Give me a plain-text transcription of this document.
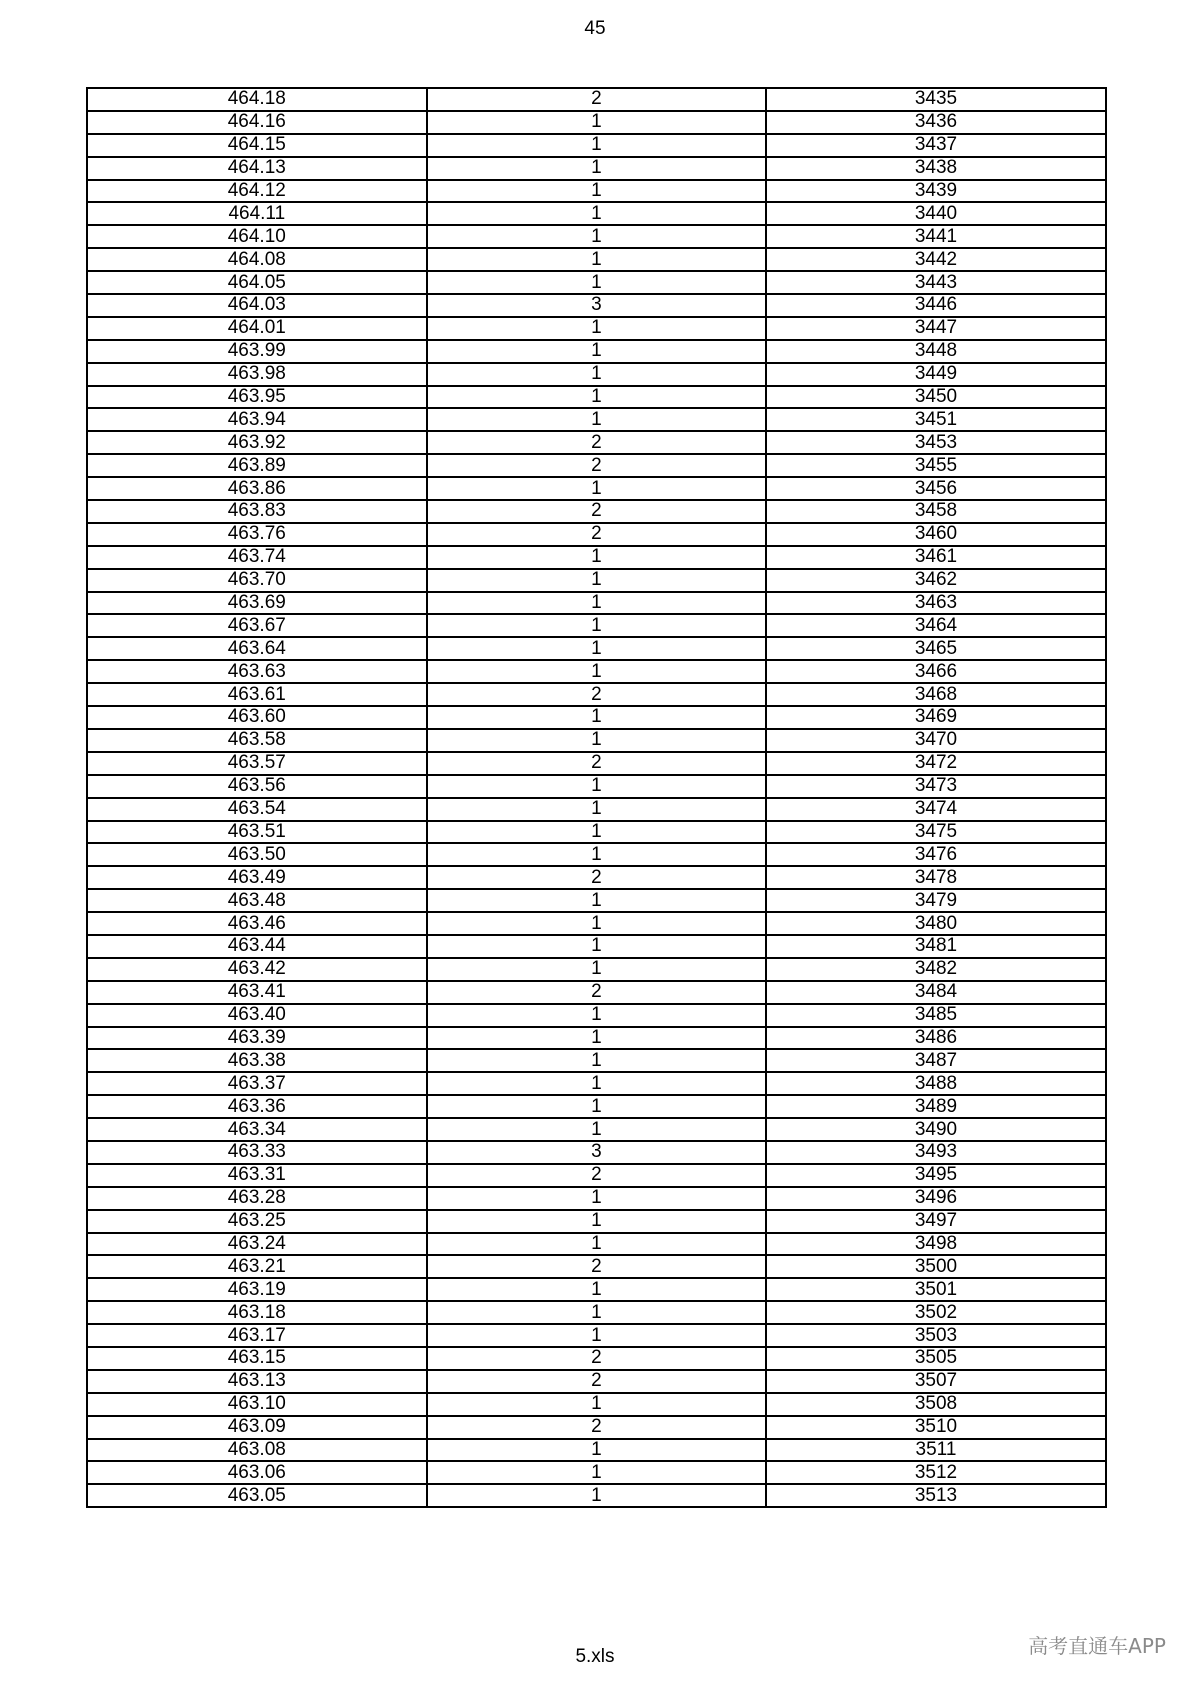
45
464.18	2	3435
464.16	1	3436
464.15	1	3437
464.13	1	3438
464.12	1	3439
464.11	1	3440
464.10	1	3441
464.08	1	3442
464.05	1	3443
464.03	3	3446
464.01	1	3447
463.99	1	3448
463.98	1	3449
463.95	1	3450
463.94	1	3451
463.92	2	3453
463.89	2	3455
463.86	1	3456
463.83	2	3458
463.76	2	3460
463.74	1	3461
463.70	1	3462
463.69	1	3463
463.67	1	3464
463.64	1	3465
463.63	1	3466
463.61	2	3468
463.60	1	3469
463.58	1	3470
463.57	2	3472
463.56	1	3473
463.54	1	3474
463.51	1	3475
463.50	1	3476
463.49	2	3478
463.48	1	3479
463.46	1	3480
463.44	1	3481
463.42	1	3482
463.41	2	3484
463.40	1	3485
463.39	1	3486
463.38	1	3487
463.37	1	3488
463.36	1	3489
463.34	1	3490
463.33	3	3493
463.31	2	3495
463.28	1	3496
463.25	1	3497
463.24	1	3498
463.21	2	3500
463.19	1	3501
463.18	1	3502
463.17	1	3503
463.15	2	3505
463.13	2	3507
463.10	1	3508
463.09	2	3510
463.08	1	3511
463.06	1	3512
463.05	1	3513
5.xls	高考直通车APP
